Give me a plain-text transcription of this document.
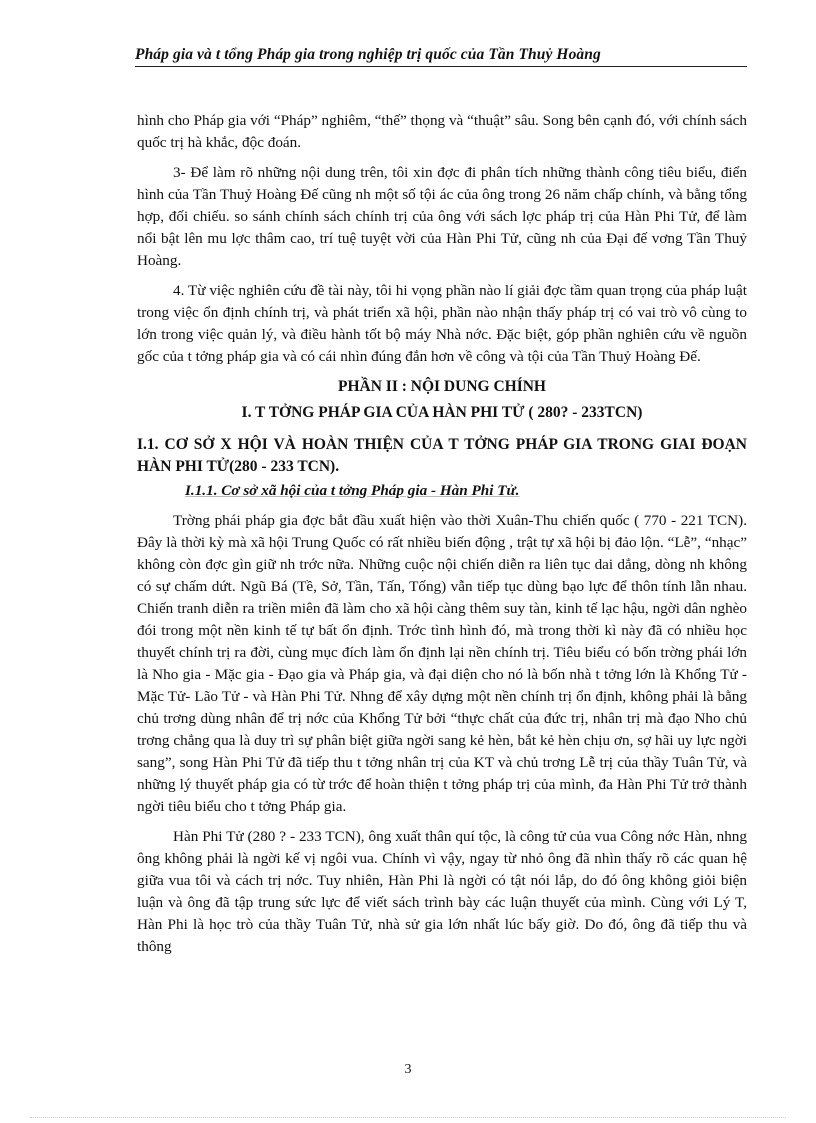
Pháp gia và t tổng Pháp gia trong nghiệp trị quốc của Tần Thuỷ Hoàng

hình cho Pháp gia với “Pháp” nghiêm, “thế” thọng và “thuật” sâu. Song bên cạnh đó, với chính sách quốc trị hà khắc, độc đoán.

3- Để làm rõ những nội dung trên, tôi xin đợc đi phân tích những thành công tiêu biểu, điển hình của Tần Thuỷ Hoàng Đế cũng nh một số tội ác của ông trong 26 năm chấp chính, và bằng tổng hợp, đối chiếu. so sánh chính sách chính trị của ông với sách lợc pháp trị của Hàn Phi Tử, để làm nổi bật lên mu lợc thâm cao, trí tuệ tuyệt vời của Hàn Phi Tử, cũng nh của Đại đế vơng Tần Thuỷ Hoàng.

4. Từ việc nghiên cứu đề tài này, tôi hi vọng phần nào lí giải đợc tầm quan trọng của pháp luật trong việc ổn định chính trị, và phát triển xã hội, phần nào nhận thấy pháp trị có vai trò vô cùng to lớn trong việc quản lý, và điều hành tốt bộ máy Nhà nớc. Đặc biệt, góp phần nghiên cứu về nguồn gốc của t tởng pháp gia và có cái nhìn đúng đắn hơn về công và tội của Tần Thuỷ Hoàng Đế.

PHẦN II : NỘI DUNG CHÍNH
I. T TỞNG PHÁP GIA CỦA HÀN PHI TỬ ( 280? - 233TCN)
I.1. CƠ SỞ X HỘI VÀ HOÀN THIỆN CỦA T TỞNG PHÁP GIA TRONG GIAI ĐOẠN HÀN PHI TỬ(280 - 233 TCN).
I.1.1. Cơ sở xã hội của t tởng Pháp gia - Hàn Phi Tử.

Trờng phái pháp gia đợc bắt đầu xuất hiện vào thời Xuân-Thu chiến quốc ( 770 - 221 TCN). Đây là thời kỳ mà xã hội Trung Quốc có rất nhiều biến động , trật tự xã hội bị đảo lộn. “Lễ”, “nhạc” không còn đợc gìn giữ nh trớc nữa. Những cuộc nội chiến diễn ra liên tục dai dẳng, dòng nh không có sự chấm dứt. Ngũ Bá (Tề, Sở, Tần, Tấn, Tống) vẫn tiếp tục dùng bạo lực để thôn tính lẫn nhau. Chiến tranh diễn ra triền miên đã làm cho xã hội càng thêm suy tàn, kinh tế lạc hậu, ngời dân nghèo đói trong một nền kinh tế tự bất ổn định. Trớc tình hình đó, mà trong thời kì này đã có nhiều học thuyết chính trị ra đời, cùng mục đích làm ổn định lại nền chính trị. Tiêu biểu có bốn trờng phái lớn là Nho gia - Mặc gia - Đạo gia và Pháp gia, và đại diện cho nó là bốn nhà t tởng lớn là Khổng Tử - Mặc Tử- Lão Tử - và Hàn Phi Tử. Nhng để xây dựng một nền chính trị ổn định, không phải là bằng chủ trơng dùng nhân để trị nớc của Khổng Tử bởi “thực chất của đức trị, nhân trị mà đạo Nho chủ trơng chẳng qua là duy trì sự phân biệt giữa ngời sang kẻ hèn, bắt kẻ hèn chịu ơn, sợ hãi uy lực ngời sang”, song Hàn Phi Tử đã tiếp thu t tởng nhân trị của KT và chủ trơng Lễ trị của thầy Tuân Tử, và những lý thuyết pháp gia có từ trớc để hoàn thiện t tởng pháp trị của mình, đa Hàn Phi Tử trở thành ngời tiêu biểu cho t tởng Pháp gia.

Hàn Phi Tử (280 ? - 233 TCN), ông xuất thân quí tộc, là công tử của vua Công nớc Hàn, nhng ông không phải là ngời kế vị ngôi vua. Chính vì vậy, ngay từ nhỏ ông đã nhìn thấy rõ các quan hệ giữa vua tôi và cách trị nớc. Tuy nhiên, Hàn Phi là ngời có tật nói lắp, do đó ông không giỏi biện luận và ông đã tập trung sức lực để viết sách trình bày các luận thuyết của mình. Cùng với Lý T, Hàn Phi là học trò của thầy Tuân Tử, nhà sử gia lớn nhất lúc bấy giờ. Do đó, ông đã tiếp thu và thông

3
